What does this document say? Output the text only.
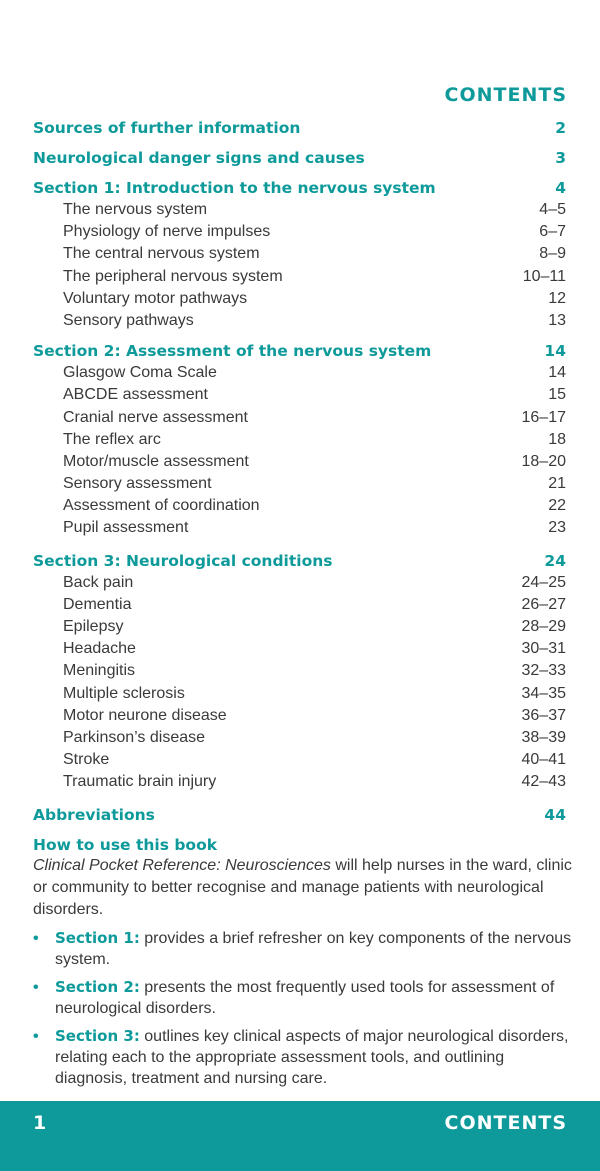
CONTENTS
Sources of further information	2
Neurological danger signs and causes	3
Section 1: Introduction to the nervous system	4
The nervous system	4–5
Physiology of nerve impulses	6–7
The central nervous system	8–9
The peripheral nervous system	10–11
Voluntary motor pathways	12
Sensory pathways	13
Section 2: Assessment of the nervous system	14
Glasgow Coma Scale	14
ABCDE assessment	15
Cranial nerve assessment	16–17
The reflex arc	18
Motor/muscle assessment	18–20
Sensory assessment	21
Assessment of coordination	22
Pupil assessment	23
Section 3: Neurological conditions	24
Back pain	24–25
Dementia	26–27
Epilepsy	28–29
Headache	30–31
Meningitis	32–33
Multiple sclerosis	34–35
Motor neurone disease	36–37
Parkinson’s disease	38–39
Stroke	40–41
Traumatic brain injury	42–43
Abbreviations	44
How to use this book
Clinical Pocket Reference: Neurosciences will help nurses in the ward, clinic or community to better recognise and manage patients with neurological disorders.
• Section 1: provides a brief refresher on key components of the nervous system.
• Section 2: presents the most frequently used tools for assessment of neurological disorders.
• Section 3: outlines key clinical aspects of major neurological disorders, relating each to the appropriate assessment tools, and outlining diagnosis, treatment and nursing care.
1	CONTENTS
